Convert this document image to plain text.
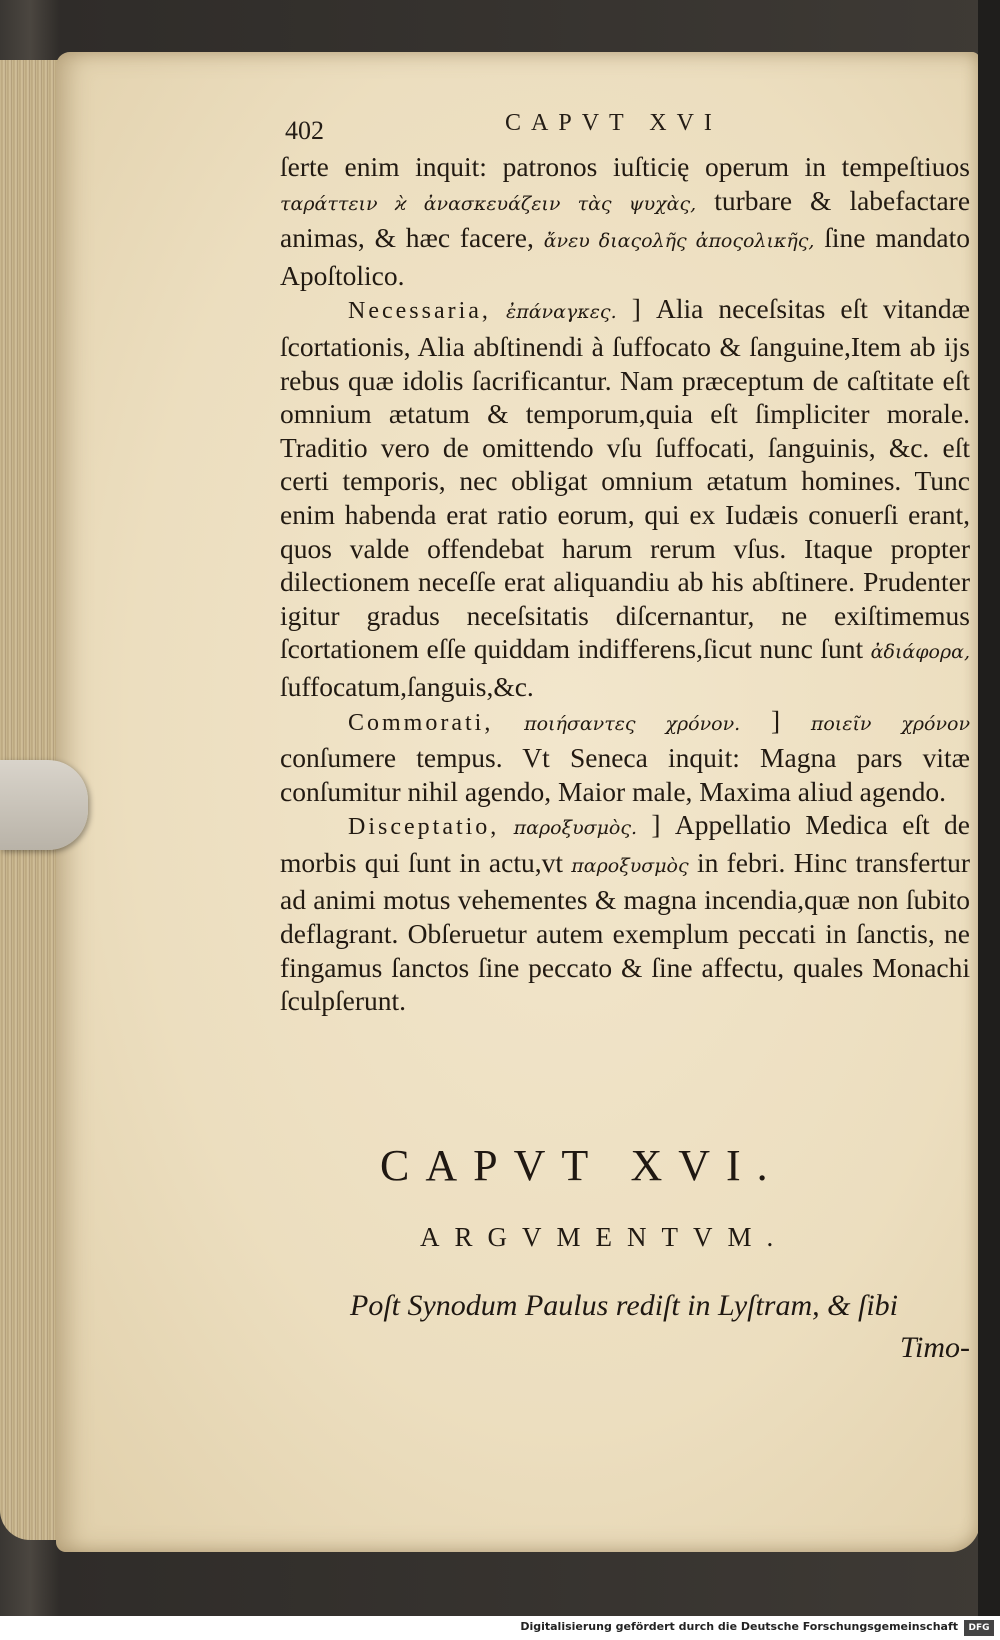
402	CAPVT XVI

ſerte enim inquit: patronos iuſticię operum in tempeſtiuos ταράττειν ϰ̀ ἀνασκευάζειν τὰς ψυχὰς, turbare & labefactare animas, & hæc facere, ἄνευ διαςολῆς ἀποςολικῆς, ſine mandato Apoſtolico.

Necessaria, ἐπάναγκες. ] Alia neceſsitas eſt vitandæ ſcortationis, Alia abſtinendi à ſuffocato & ſanguine,Item ab ijs rebus quæ idolis ſacrificantur. Nam præceptum de caſtitate eſt omnium ætatum & temporum,quia eſt ſimpliciter morale. Traditio vero de omittendo vſu ſuffocati, ſanguinis, &c. eſt certi temporis, nec obligat omnium ætatum homines. Tunc enim habenda erat ratio eorum, qui ex Iudæis conuerſi erant, quos valde offendebat harum rerum vſus. Itaque propter dilectionem neceſſe erat aliquandiu ab his abſtinere. Prudenter igitur gradus neceſsitatis diſcernantur, ne exiſtimemus ſcortationem eſſe quiddam indifferens,ſicut nunc ſunt ἀδιάφορα, ſuffocatum,ſanguis,&c.

Commorati, ποιήσαντες χρόνον. ] ποιεῖν χρόνον conſumere tempus. Vt Seneca inquit: Magna pars vitæ conſumitur nihil agendo, Maior male, Maxima aliud agendo.

Disceptatio, παροξυσμὸς. ] Appellatio Medica eſt de morbis qui ſunt in actu,vt παροξυσμὸς in febri. Hinc transfertur ad animi motus vehementes & magna incendia,quæ non ſubito deflagrant. Obſeruetur autem exemplum peccati in ſanctis, ne fingamus ſanctos ſine peccato & ſine affectu, quales Monachi ſculpſerunt.

CAPVT XVI.
ARGVMENTVM.
Poſt Synodum Paulus rediſt in Lyſtram, & ſibi
Timo-
Digitalisierung gefördert durch die Deutsche Forschungsgemeinschaft	DFG
